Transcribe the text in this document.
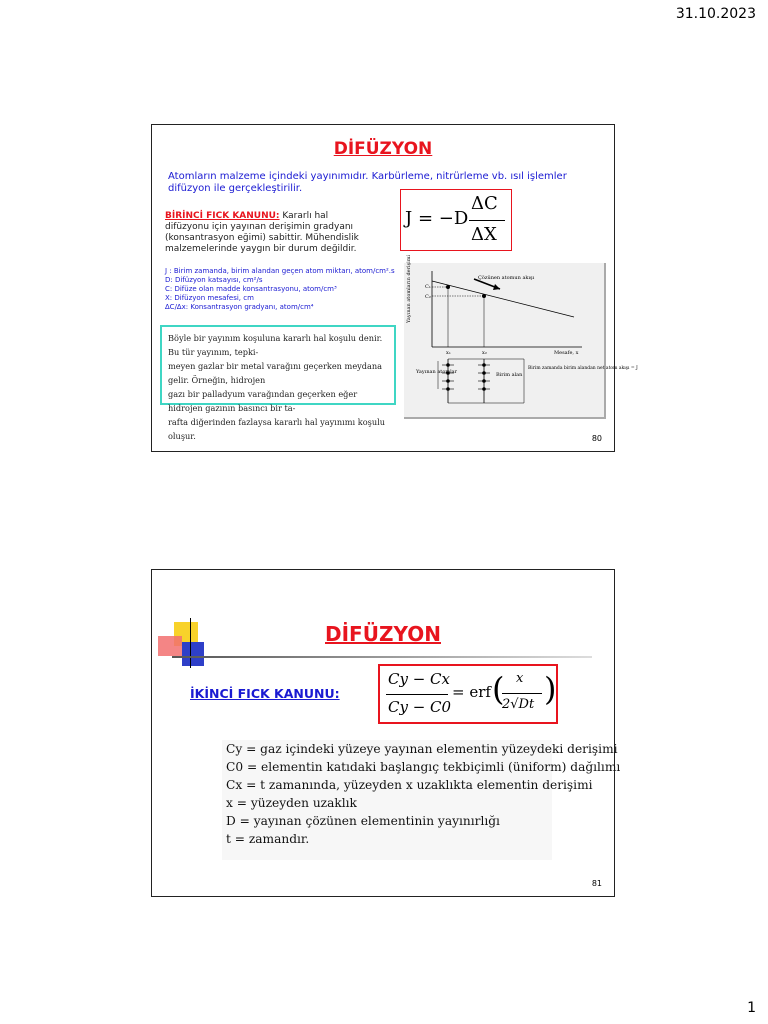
31.10.2023
DİFÜZYON
Atomların malzeme içindeki yayınımıdır. Karbürleme, nitrürleme vb. ısıl işlemler difüzyon ile gerçekleştirilir.
BİRİNCİ FICK KANUNU: Kararlı hal difüzyonu için yayınan derişimin gradyanı (konsantrasyon eğimi) sabittir. Mühendislik malzemelerinde yaygın bir durum değildir.
J = −D
ΔC
ΔX
J : Birim zamanda, birim alandan geçen atom miktarı, atom/cm².s
D: Difüzyon katsayısı, cm²/s
C: Difüze olan madde konsantrasyonu, atom/cm³
X: Difüzyon mesafesi, cm
∆C/∆x: Konsantrasyon gradyanı, atom/cm⁴
Böyle bir yayınım koşuluna kararlı hal koşulu denir. Bu tür yayınım, tepki-
meyen gazlar bir metal varağını geçerken meydana gelir. Örneğin, hidrojen
gazı bir palladyum varağından geçerken eğer hidrojen gazının basıncı bir ta-
rafta diğerinden fazlaysa kararlı hal yayınımı koşulu oluşur.
Yayınan atomların derişimi	Çözünen atomun akışı
C₁
C₂
x₁	x₂	Mesafe, x
Yayınan atomlar	Birim alan
Birim zamanda birim alandan net atom akışı = J
80
DİFÜZYON
İKİNCİ FICK KANUNU:
Cy − Cx
Cy − C0
= erf ( x
2√Dt )
Cy = gaz içindeki yüzeye yayınan elementin yüzeydeki derişimi
C0 = elementin katıdaki başlangıç tekbiçimli (üniform) dağılımı
Cx = t zamanında, yüzeyden x uzaklıkta elementin derişimi
x = yüzeyden uzaklık
D = yayınan çözünen elementinin yayınırlığı
t = zamandır.
81
1
